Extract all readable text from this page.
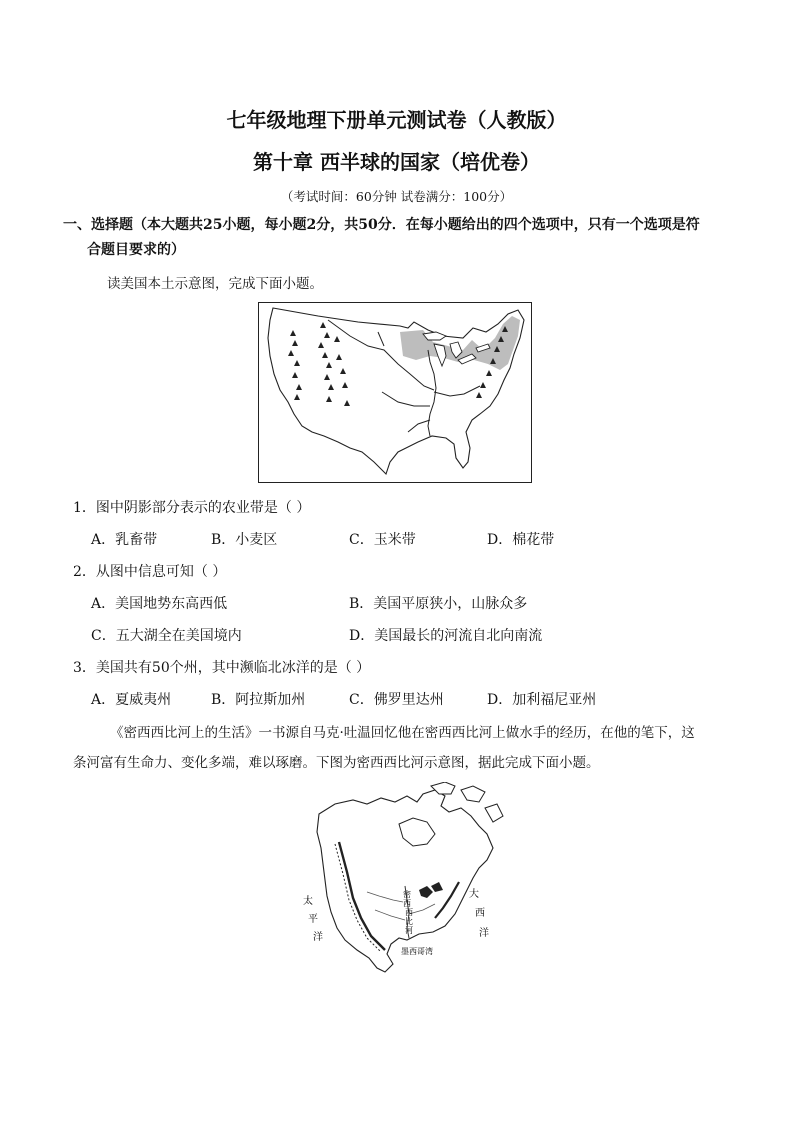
七年级地理下册单元测试卷（人教版）
第十章 西半球的国家（培优卷）
（考试时间：60分钟 试卷满分：100分）
一、选择题（本大题共25小题，每小题2分，共50分．在每小题给出的四个选项中，只有一个选项是符
合题目要求的）
读美国本土示意图，完成下面小题。
1．图中阴影部分表示的农业带是（ ）
A．乳畜带	B．小麦区	C．玉米带	D．棉花带
2．从图中信息可知（ ）
A．美国地势东高西低	B．美国平原狭小，山脉众多
C．五大湖全在美国境内	D．美国最长的河流自北向南流
3．美国共有50个州，其中濒临北冰洋的是（ ）
A．夏威夷州	B．阿拉斯加州	C．佛罗里达州	D．加利福尼亚州
《密西西比河上的生活》一书源自马克·吐温回忆他在密西西比河上做水手的经历，在他的笔下，这
条河富有生命力、变化多端，难以琢磨。下图为密西西比河示意图，据此完成下面小题。
太
平
洋
大
西
洋
密
西
西
比
河
墨西哥湾
